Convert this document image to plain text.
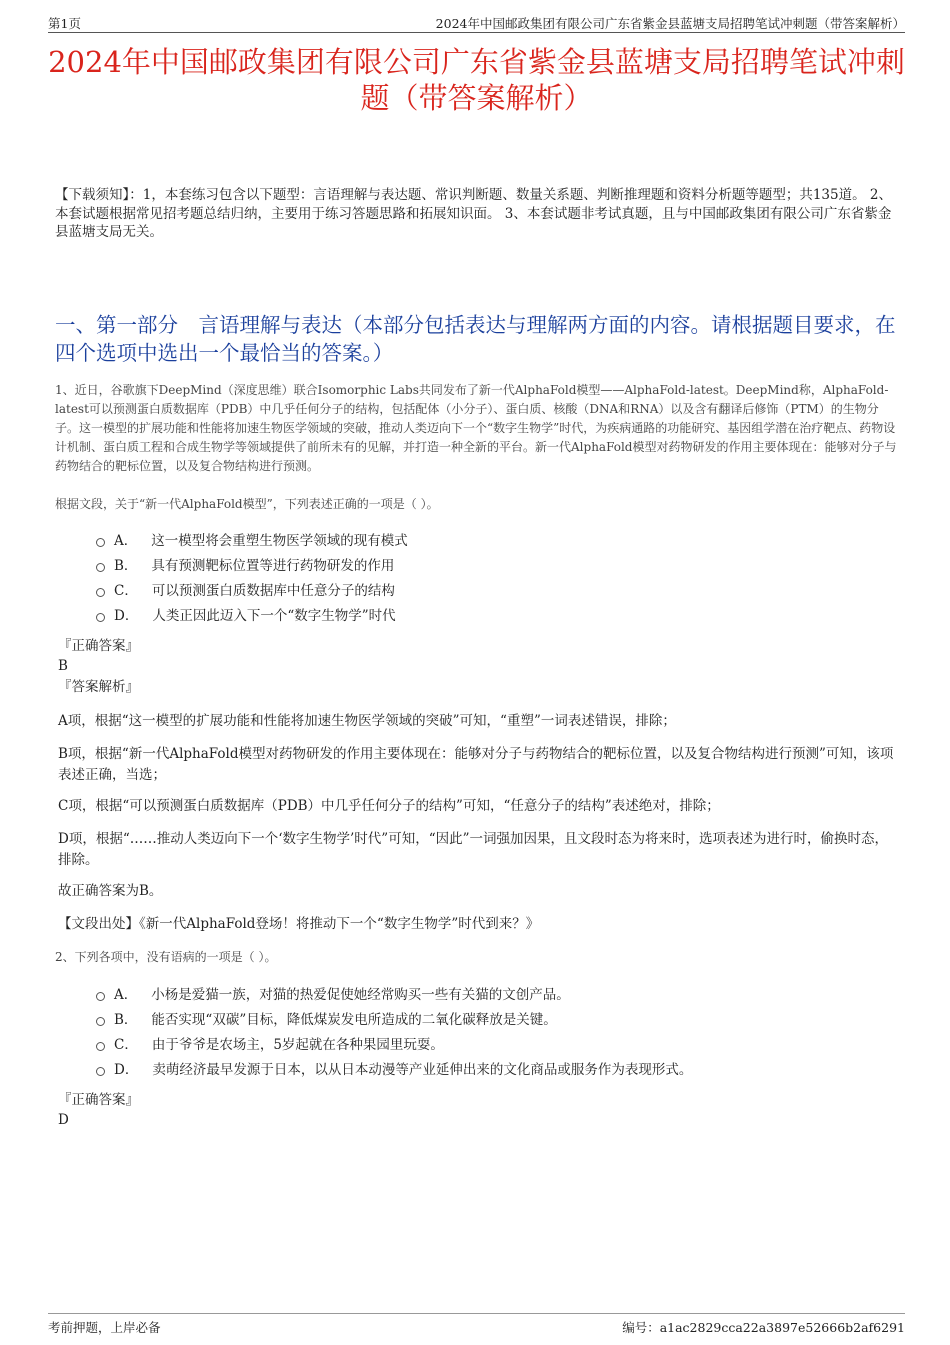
第1页	2024年中国邮政集团有限公司广东省紫金县蓝塘支局招聘笔试冲刺题（带答案解析）
2024年中国邮政集团有限公司广东省紫金县蓝塘支局招聘笔试冲刺题（带答案解析）
【下载须知】：1，本套练习包含以下题型：言语理解与表达题、常识判断题、数量关系题、判断推理题和资料分析题等题型；共135道。 2、本套试题根据常见招考题总结归纳，主要用于练习答题思路和拓展知识面。 3、本套试题非考试真题，且与中国邮政集团有限公司广东省紫金县蓝塘支局无关。
一、第一部分　言语理解与表达（本部分包括表达与理解两方面的内容。请根据题目要求，在四个选项中选出一个最恰当的答案。）
1、近日，谷歌旗下DeepMind（深度思维）联合Isomorphic Labs共同发布了新一代AlphaFold模型——AlphaFold-latest。DeepMind称，AlphaFold-latest可以预测蛋白质数据库（PDB）中几乎任何分子的结构，包括配体（小分子）、蛋白质、核酸（DNA和RNA）以及含有翻译后修饰（PTM）的生物分子。这一模型的扩展功能和性能将加速生物医学领域的突破，推动人类迈向下一个“数字生物学”时代，为疾病通路的功能研究、基因组学潜在治疗靶点、药物设计机制、蛋白质工程和合成生物学等领域提供了前所未有的见解，并打造一种全新的平台。新一代AlphaFold模型对药物研发的作用主要体现在：能够对分子与药物结合的靶标位置，以及复合物结构进行预测。
根据文段，关于“新一代AlphaFold模型”，下列表述正确的一项是（ ）。
A． 这一模型将会重塑生物医学领域的现有模式
B． 具有预测靶标位置等进行药物研发的作用
C． 可以预测蛋白质数据库中任意分子的结构
D． 人类正因此迈入下一个“数字生物学”时代
『正确答案』
B
『答案解析』
A项，根据“这一模型的扩展功能和性能将加速生物医学领域的突破”可知，“重塑”一词表述错误，排除；
B项，根据“新一代AlphaFold模型对药物研发的作用主要体现在：能够对分子与药物结合的靶标位置，以及复合物结构进行预测”可知，该项表述正确，当选；
C项，根据“可以预测蛋白质数据库（PDB）中几乎任何分子的结构”可知，“任意分子的结构”表述绝对，排除；
D项，根据“……推动人类迈向下一个‘数字生物学’时代”可知，“因此”一词强加因果，且文段时态为将来时，选项表述为进行时，偷换时态，排除。
故正确答案为B。
【文段出处】《新一代AlphaFold登场！将推动下一个“数字生物学”时代到来？》
2、下列各项中，没有语病的一项是（ ）。
A． 小杨是爱猫一族，对猫的热爱促使她经常购买一些有关猫的文创产品。
B． 能否实现“双碳”目标，降低煤炭发电所造成的二氧化碳释放是关键。
C． 由于爷爷是农场主，5岁起就在各种果园里玩耍。
D． 卖萌经济最早发源于日本，以从日本动漫等产业延伸出来的文化商品或服务作为表现形式。
『正确答案』
D
考前押题，上岸必备	编号：a1ac2829cca22a3897e52666b2af6291
